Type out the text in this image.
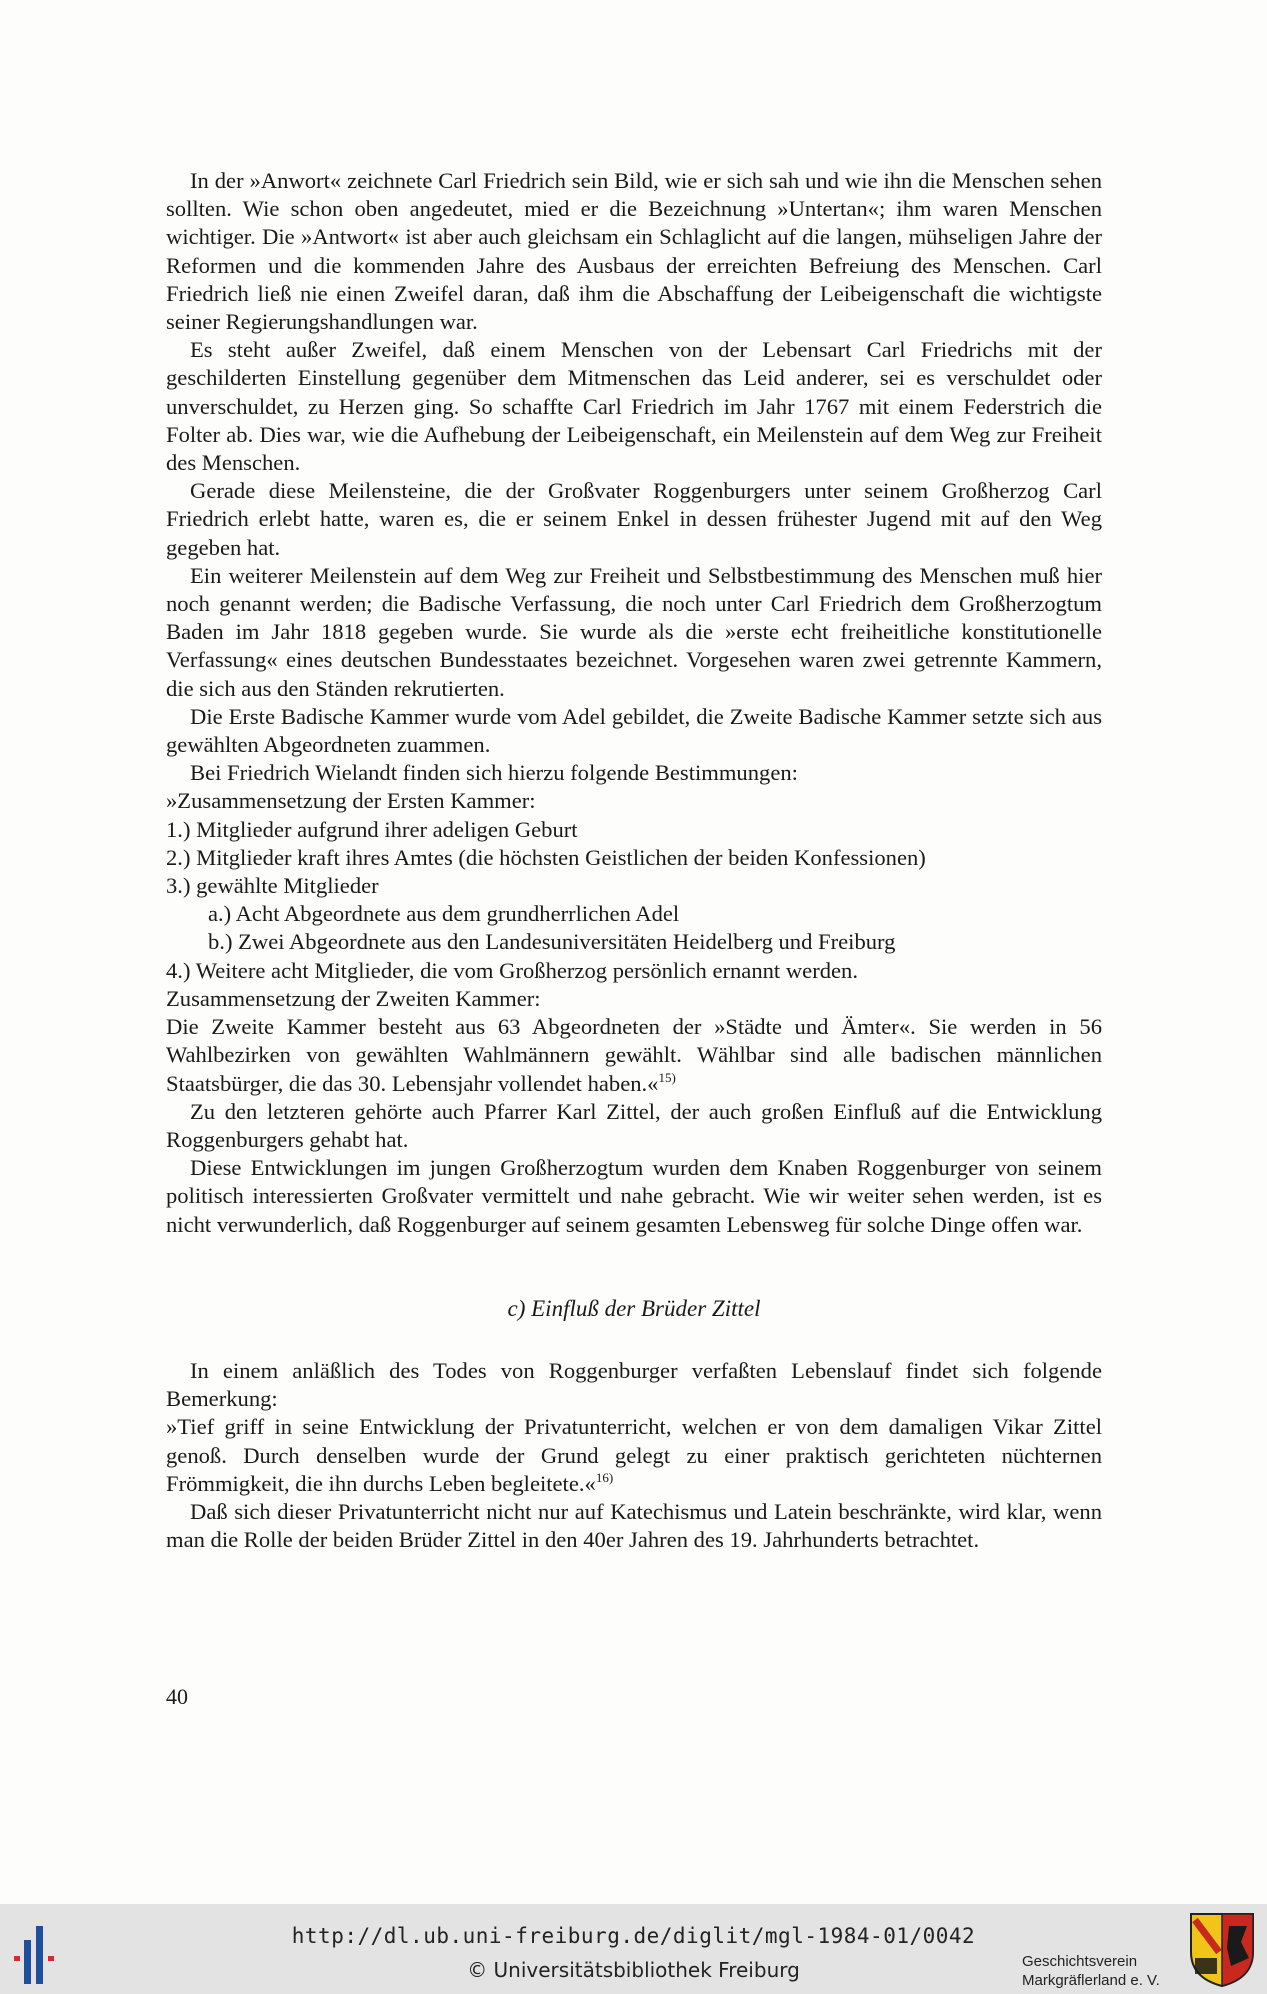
In der »Anwort« zeichnete Carl Friedrich sein Bild, wie er sich sah und wie ihn die Menschen sehen sollten. Wie schon oben angedeutet, mied er die Bezeichnung »Untertan«; ihm waren Menschen wichtiger. Die »Antwort« ist aber auch gleichsam ein Schlaglicht auf die langen, mühseligen Jahre der Reformen und die kommenden Jahre des Ausbaus der erreichten Befreiung des Menschen. Carl Friedrich ließ nie einen Zweifel daran, daß ihm die Abschaffung der Leibeigenschaft die wichtigste seiner Regierungshandlungen war.

Es steht außer Zweifel, daß einem Menschen von der Lebensart Carl Friedrichs mit der geschilderten Einstellung gegenüber dem Mitmenschen das Leid anderer, sei es verschuldet oder unverschuldet, zu Herzen ging. So schaffte Carl Friedrich im Jahr 1767 mit einem Federstrich die Folter ab. Dies war, wie die Aufhebung der Leibeigenschaft, ein Meilenstein auf dem Weg zur Freiheit des Menschen.

Gerade diese Meilensteine, die der Großvater Roggenburgers unter seinem Großherzog Carl Friedrich erlebt hatte, waren es, die er seinem Enkel in dessen frühester Jugend mit auf den Weg gegeben hat.

Ein weiterer Meilenstein auf dem Weg zur Freiheit und Selbstbestimmung des Menschen muß hier noch genannt werden; die Badische Verfassung, die noch unter Carl Friedrich dem Großherzogtum Baden im Jahr 1818 gegeben wurde. Sie wurde als die »erste echt freiheitliche konstitutionelle Verfassung« eines deutschen Bundesstaates bezeichnet. Vorgesehen waren zwei getrennte Kammern, die sich aus den Ständen rekrutierten.

Die Erste Badische Kammer wurde vom Adel gebildet, die Zweite Badische Kammer setzte sich aus gewählten Abgeordneten zuammen.

Bei Friedrich Wielandt finden sich hierzu folgende Bestimmungen:

»Zusammensetzung der Ersten Kammer:

1.) Mitglieder aufgrund ihrer adeligen Geburt

2.) Mitglieder kraft ihres Amtes (die höchsten Geistlichen der beiden Konfessionen)

3.) gewählte Mitglieder

a.) Acht Abgeordnete aus dem grundherrlichen Adel

b.) Zwei Abgeordnete aus den Landesuniversitäten Heidelberg und Freiburg

4.) Weitere acht Mitglieder, die vom Großherzog persönlich ernannt werden.

Zusammensetzung der Zweiten Kammer:

Die Zweite Kammer besteht aus 63 Abgeordneten der »Städte und Ämter«. Sie werden in 56 Wahlbezirken von gewählten Wahlmännern gewählt. Wählbar sind alle badischen männlichen Staatsbürger, die das 30. Lebensjahr vollendet haben.«$^{15)}$

Zu den letzteren gehörte auch Pfarrer Karl Zittel, der auch großen Einfluß auf die Entwicklung Roggenburgers gehabt hat.

Diese Entwicklungen im jungen Großherzogtum wurden dem Knaben Roggenburger von seinem politisch interessierten Großvater vermittelt und nahe gebracht. Wie wir weiter sehen werden, ist es nicht verwunderlich, daß Roggenburger auf seinem gesamten Lebensweg für solche Dinge offen war.

c) Einfluß der Brüder Zittel

In einem anläßlich des Todes von Roggenburger verfaßten Lebenslauf findet sich folgende Bemerkung:

»Tief griff in seine Entwicklung der Privatunterricht, welchen er von dem damaligen Vikar Zittel genoß. Durch denselben wurde der Grund gelegt zu einer praktisch gerichteten nüchternen Frömmigkeit, die ihn durchs Leben begleitete.«$^{16)}$

Daß sich dieser Privatunterricht nicht nur auf Katechismus und Latein beschränkte, wird klar, wenn man die Rolle der beiden Brüder Zittel in den 40er Jahren des 19. Jahrhunderts betrachtet.

40
http://dl.ub.uni-freiburg.de/diglit/mgl-1984-01/0042
© Universitätsbibliothek Freiburg	Geschichtsverein
Markgräflerland e. V.
